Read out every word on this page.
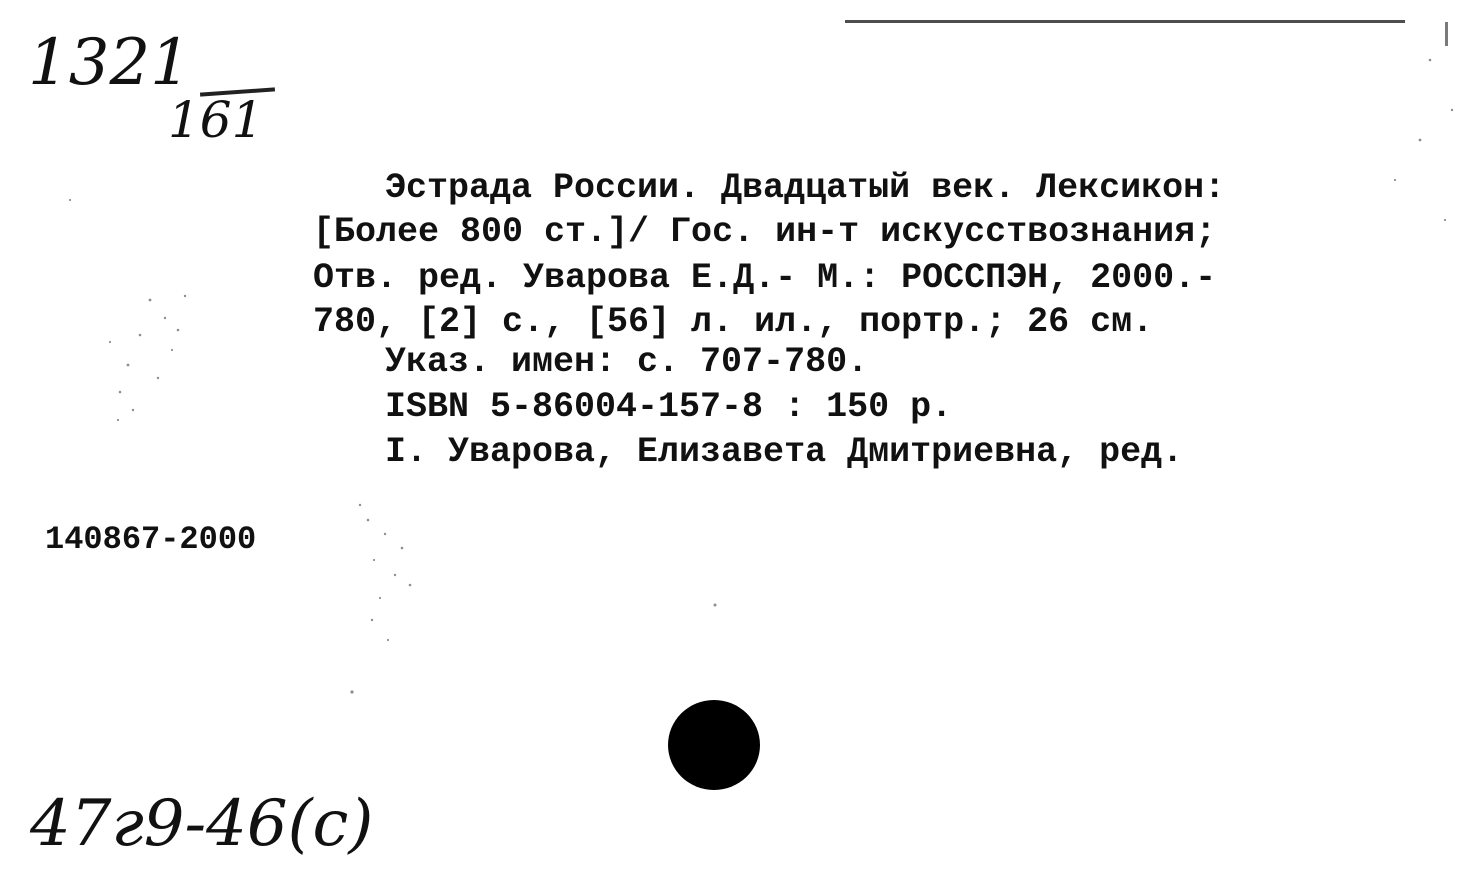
1321
161
Эстрада России. Двадцатый век. Лексикон:
[Более 800 ст.]/ Гос. ин-т искусствознания;
Отв. ред. Уварова Е.Д.- М.: РОССПЭН, 2000.-
780, [2] с., [56] л. ил., портр.; 26 см.
Указ. имен: с. 707-780.
ISBN 5-86004-157-8 : 150 р.
I. Уварова, Елизавета Дмитриевна, ред.
140867-2000
47г9-46(с)
